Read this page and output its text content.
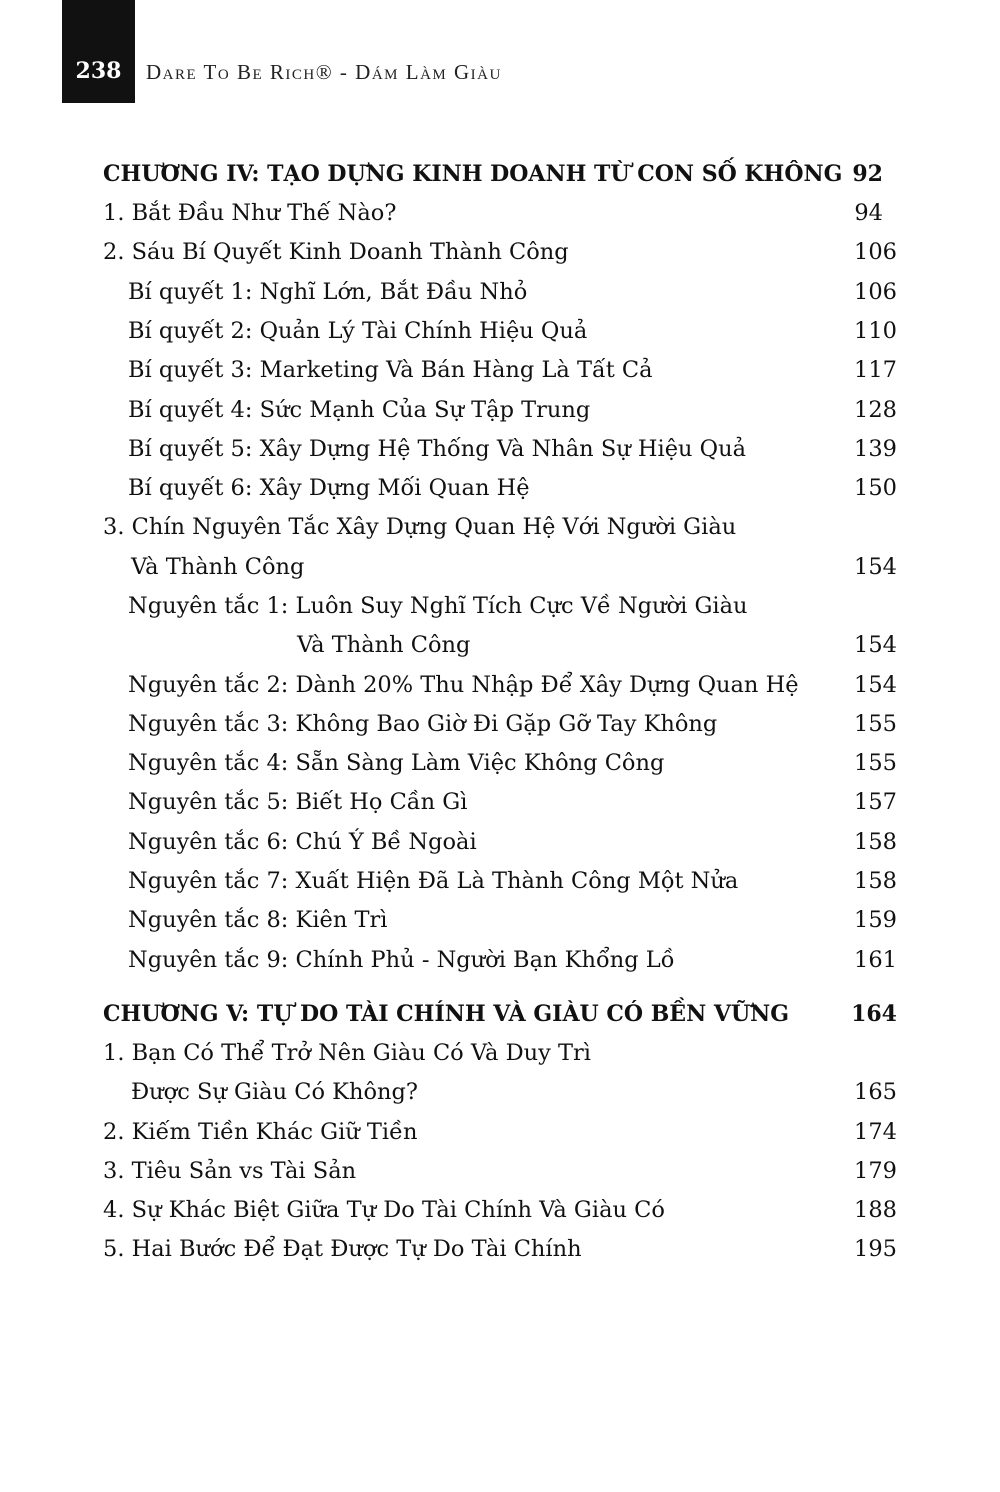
238	Dare To Be Rich® - Dám Làm Giàu
CHƯƠNG IV: TẠO DỰNG KINH DOANH TỪ CON SỐ KHÔNG 92
1. Bắt Đầu Như Thế Nào?	94
2. Sáu Bí Quyết Kinh Doanh Thành Công	106
Bí quyết 1: Nghĩ Lớn, Bắt Đầu Nhỏ	106
Bí quyết 2: Quản Lý Tài Chính Hiệu Quả	110
Bí quyết 3: Marketing Và Bán Hàng Là Tất Cả	117
Bí quyết 4: Sức Mạnh Của Sự Tập Trung	128
Bí quyết 5: Xây Dựng Hệ Thống Và Nhân Sự Hiệu Quả	139
Bí quyết 6: Xây Dựng Mối Quan Hệ	150
3. Chín Nguyên Tắc Xây Dựng Quan Hệ Với Người Giàu
Và Thành Công	154
Nguyên tắc 1: Luôn Suy Nghĩ Tích Cực Về Người Giàu
Và Thành Công	154
Nguyên tắc 2: Dành 20% Thu Nhập Để Xây Dựng Quan Hệ 154
Nguyên tắc 3: Không Bao Giờ Đi Gặp Gỡ Tay Không	155
Nguyên tắc 4: Sẵn Sàng Làm Việc Không Công	155
Nguyên tắc 5: Biết Họ Cần Gì	157
Nguyên tắc 6: Chú Ý Bề Ngoài	158
Nguyên tắc 7: Xuất Hiện Đã Là Thành Công Một Nửa	158
Nguyên tắc 8: Kiên Trì	159
Nguyên tắc 9: Chính Phủ - Người Bạn Khổng Lồ	161
CHƯƠNG V: TỰ DO TÀI CHÍNH VÀ GIÀU CÓ BỀN VỮNG	164
1. Bạn Có Thể Trở Nên Giàu Có Và Duy Trì
Được Sự Giàu Có Không?	165
2. Kiếm Tiền Khác Giữ Tiền	174
3. Tiêu Sản vs Tài Sản	179
4. Sự Khác Biệt Giữa Tự Do Tài Chính Và Giàu Có	188
5. Hai Bước Để Đạt Được Tự Do Tài Chính	195
